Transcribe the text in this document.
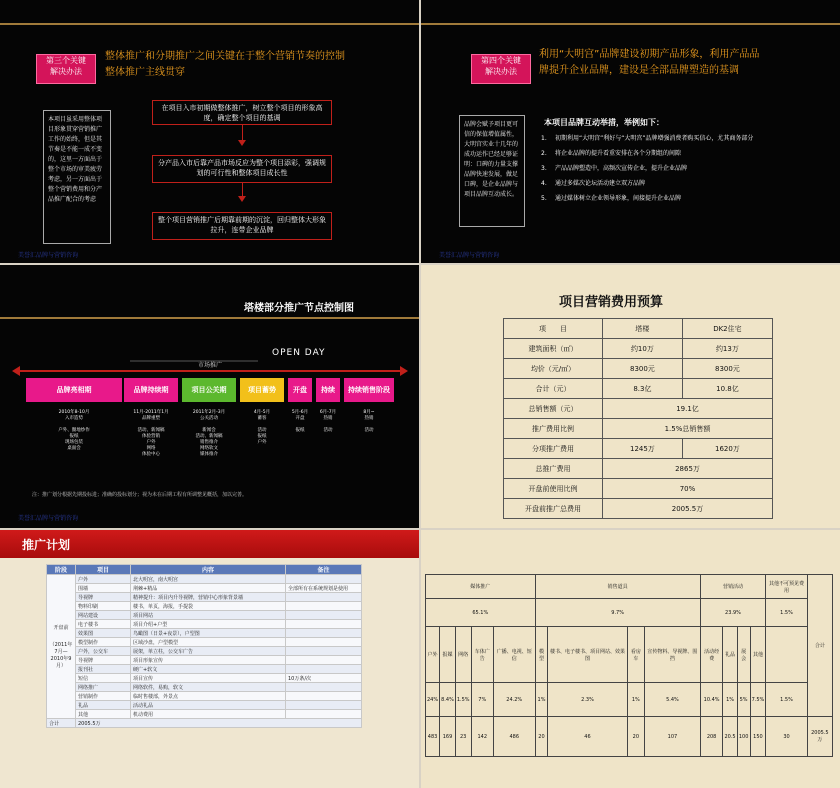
第三个关键
解决办法
整体推广和分期推广之间关键在于整个营销节奏的控制
整体推广主线贯穿
本项目虽采用整体项目形象贯穿营销推广工作的始终，但是其节奏是不能一成不变的，这里一方面出于整个市场的审美疲劳考虑，另一方面出于整个营销费用和分产品推广配合的考虑
在项目入市初期做整体推广，树立整个项目的形象高度，确定整个项目的基调
分产品入市后靠产品市场反应为整个项目添彩，强调规划的可行性和整体项目成长性
整个项目营销推广后期靠前期的沉淀，回归整体大形象拉升，连带企业品牌
美誉汇品牌与营销咨询
第四个关键
解决办法
利用“大明宫”品牌建设初期产品形象，利用产品品
牌提升企业品牌，建设是全部品牌塑造的基调
品牌会赋予项目更可信的保值增值属性，大明宫实业十几年的成功运作已经足够证明：口碑的力量支撑品牌快速发展，做足口碑，是企业品牌与项目品牌互动成长。
本项目品牌互动举措，举例如下：
1.	初期利用“大明宫”利好与“大明宫”品牌增强消费者购买信心，尤其商务部分
2.	将企业品牌的提升看重安排在各个分期组的间隙
3.	产品品牌塑造中，高频次宣传企业，提升企业品牌
4.	通过多媒次论坛活动建立双方品牌
5.	通过媒体树立企业领导形象，间接提升企业品牌
美誉汇品牌与营销咨询
塔楼部分推广节点控制图
OPEN DAY
市场推广
品牌亮相期
2010年8-10月
入市造势

户外、圈地炒作
报纸
现场包装
桌面会
品牌持续期
11月-2011年1月
品牌重塑

活动、新闻稿
体验营销
户外
网络
体验中心
项目公关期
2011年2月-3月
公关活动

新闻会
活动、新闻稿
销售推介
网络软文
媒体推介
项目蓄势
4月-5月
蓄客

活动
报纸
户外
开盘
5月-6月
开盘

报纸
持续
6月-7月
热销

活动
持续销售阶段
8月~
热销

活动
注：推广划分根据先期投标进；准确的投标划分；视为未在后期工程有所调整见概括，加以完善。
美誉汇品牌与营销咨询
项目营销费用预算
项　　目	塔楼	DK2住宅
建筑面积（㎡）	约10万	约13万
均价（元/㎡）	8300元	8300元
合计（元）	8.3亿	10.8亿
总销售额（元）	19.1亿	
推广费用比例	1.5%总销售额	
分项推广费用	1245万	1620万
总推广费用	2865万	
开盘前使用比例	70%	
开盘前推广总费用	2005.5万	
推广计划
阶段	项目	内容	备注

开盘前
（2011年7月—2010年9月）	户外	北大明宫，南大明宫	
	围墙	荆棘+精品	全部所有在系统规划是使用
	导视牌	精神提升：项目内升导视牌，营销中心形象背景墙	
	物料印刷	楼书，单页，海报，手提袋	
	网站建设	项目网站	
	电子楼书	项目介绍+户型	
	效果图	鸟瞰图（日景+夜景），户型图	
	模型制作	区域沙盘，户型模型	
	户外，公交车	展架，单立柱，公交车广告	
	导视牌	项目形象宣传	
	报刊社	硬广+软文	
	短信	项目宣传	10万条/次
	网络推广	网络软件，易购，软文	
	营销制作	临时售楼部，外景点	
	礼品	活动礼品	
	其他	机动费用	
合计	2005.5万		
媒体推广					销售道具				营销活动				其他不可预见费用	合计
65.1%					9.7%				23.9%				1.5%	
户外	报媒	网络	车体广告	广播、电视、短信	模型	楼书、电子楼书、项目网站、效果图	看房车	宣传物料、导视牌、围挡	活动经费	礼品	展会	其他		
24%	8.4%	1.5%	7%	24.2%	1%	2.3%	1%	5.4%	10.4%	1%	5%	7.5%	1.5%	
483	169	23	142	486	20	46	20	107	208	20.5	100	150	30	2005.5万
